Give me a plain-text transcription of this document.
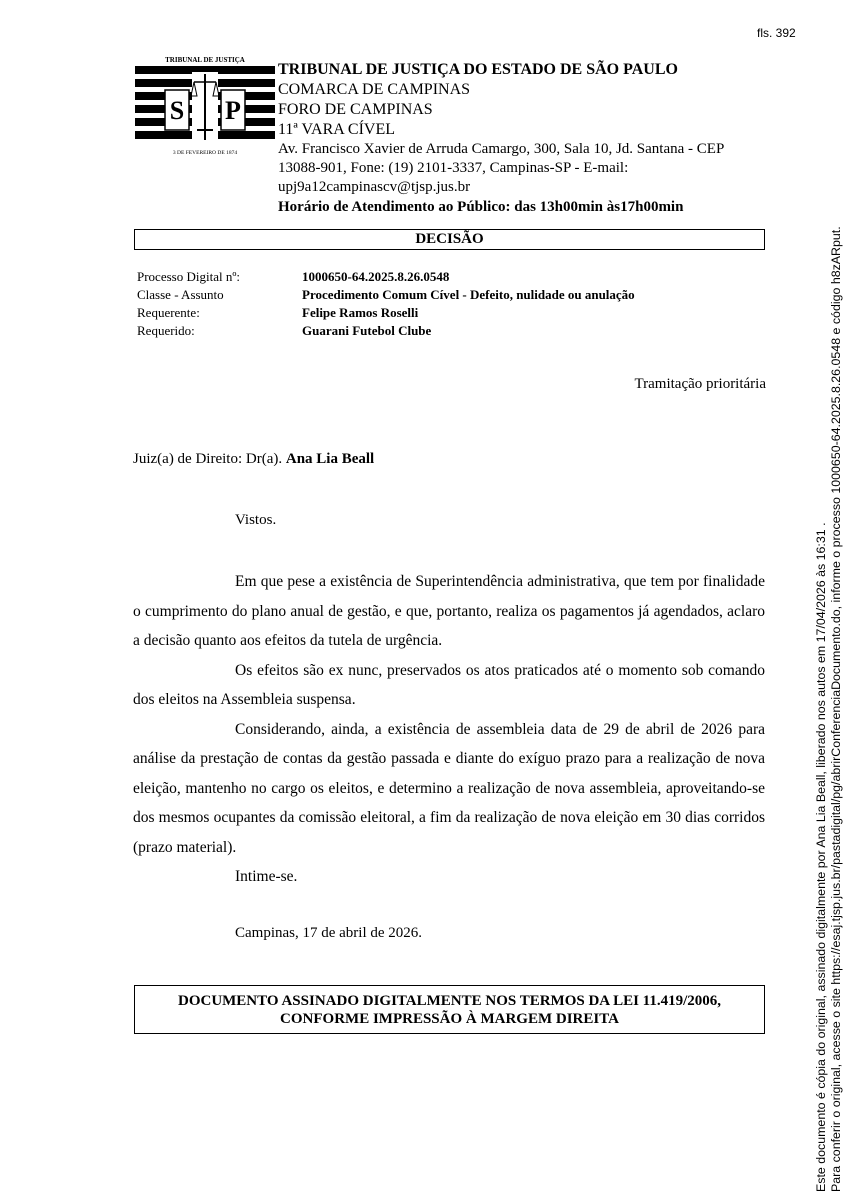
fls. 392
TRIBUNAL DE JUSTIÇA
S P
3 DE FEVEREIRO DE 1874
TRIBUNAL DE JUSTIÇA DO ESTADO DE SÃO PAULO
COMARCA DE CAMPINAS
FORO DE CAMPINAS
11ª VARA CÍVEL
Av. Francisco Xavier de Arruda Camargo, 300, Sala 10, Jd. Santana - CEP
13088-901, Fone: (19) 2101-3337, Campinas-SP - E-mail:
upj9a12campinascv@tjsp.jus.br
Horário de Atendimento ao Público: das 13h00min às17h00min
DECISÃO
Processo Digital nº:	1000650-64.2025.8.26.0548
Classe - Assunto	Procedimento Comum Cível - Defeito, nulidade ou anulação
Requerente:	Felipe Ramos Roselli
Requerido:	Guarani Futebol Clube
Tramitação prioritária
Juiz(a) de Direito: Dr(a). Ana Lia Beall
Vistos.

Em que pese a existência de Superintendência administrativa, que tem por finalidade o cumprimento do plano anual de gestão, e que, portanto, realiza os pagamentos já agendados, aclaro a decisão quanto aos efeitos da tutela de urgência.

Os efeitos são ex nunc, preservados os atos praticados até o momento sob comando dos eleitos na Assembleia suspensa.

Considerando, ainda, a existência de assembleia data de 29 de abril de 2026 para análise da prestação de contas da gestão passada e diante do exíguo prazo para a realização de nova eleição, mantenho no cargo os eleitos, e determino a realização de nova assembleia, aproveitando-se dos mesmos ocupantes da comissão eleitoral, a fim da realização de nova eleição em 30 dias corridos (prazo material).

Intime-se.

Campinas, 17 de abril de 2026.
DOCUMENTO ASSINADO DIGITALMENTE NOS TERMOS DA LEI 11.419/2006,
CONFORME IMPRESSÃO À MARGEM DIREITA	Este documento é cópia do original, assinado digitalmente por Ana Lia Beall, liberado nos autos em 17/04/2026 às 16:31 . Para conferir o original, acesse o site https://esaj.tjsp.jus.br/pastadigital/pg/abrirConferenciaDocumento.do, informe o processo 1000650-64.2025.8.26.0548 e código h8zARput.
